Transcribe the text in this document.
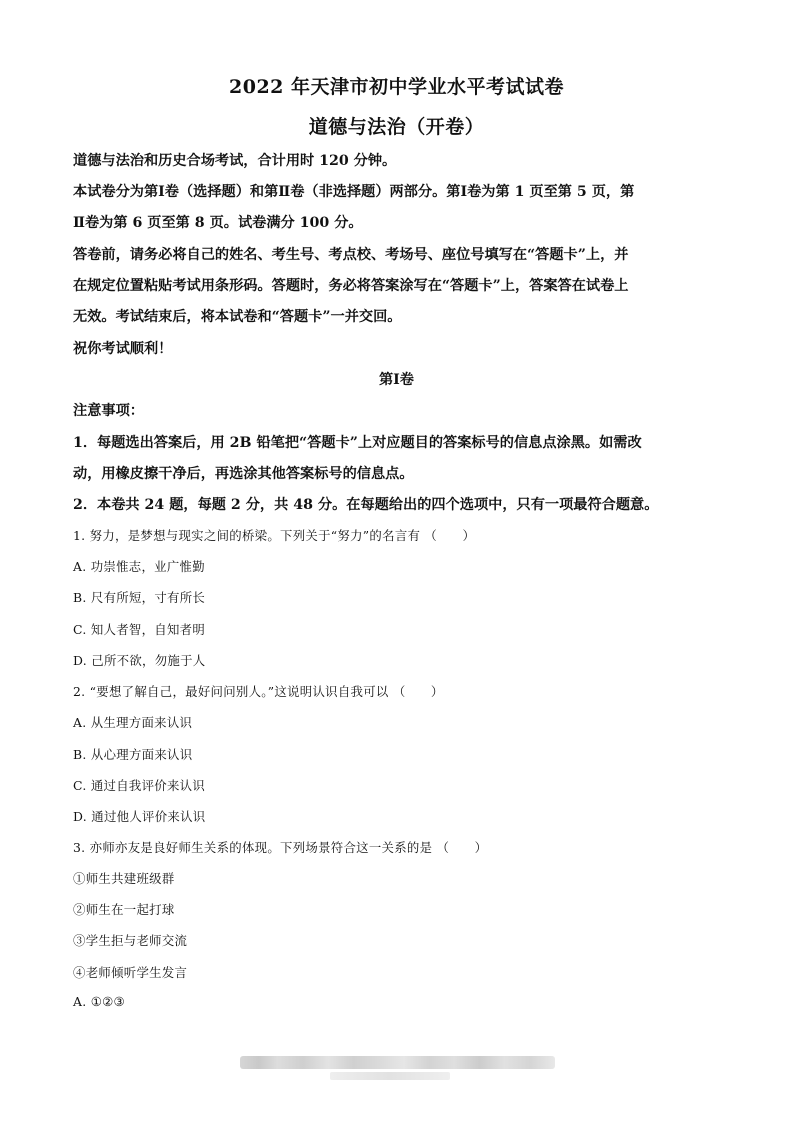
2022 年天津市初中学业水平考试试卷
道德与法治（开卷）
道德与法治和历史合场考试，合计用时 120 分钟。
本试卷分为第Ⅰ卷（选择题）和第Ⅱ卷（非选择题）两部分。第Ⅰ卷为第 1 页至第 5 页，第
Ⅱ卷为第 6 页至第 8 页。试卷满分 100 分。
答卷前，请务必将自己的姓名、考生号、考点校、考场号、座位号填写在“答题卡”上，并
在规定位置粘贴考试用条形码。答题时，务必将答案涂写在“答题卡”上，答案答在试卷上
无效。考试结束后，将本试卷和“答题卡”一并交回。
祝你考试顺利！
第Ⅰ卷
注意事项：
1．每题选出答案后，用 2B 铅笔把“答题卡”上对应题目的答案标号的信息点涂黑。如需改
动，用橡皮擦干净后，再选涂其他答案标号的信息点。
2．本卷共 24 题，每题 2 分，共 48 分。在每题给出的四个选项中，只有一项最符合题意。
1. 努力，是梦想与现实之间的桥梁。下列关于“努力”的名言有 （　　）
A. 功崇惟志，业广惟勤
B. 尺有所短，寸有所长
C. 知人者智，自知者明
D. 己所不欲，勿施于人
2. “要想了解自己，最好问问别人。”这说明认识自我可以 （　　）
A. 从生理方面来认识
B. 从心理方面来认识
C. 通过自我评价来认识
D. 通过他人评价来认识
3. 亦师亦友是良好师生关系的体现。下列场景符合这一关系的是 （　　）
①师生共建班级群
②师生在一起打球
③学生拒与老师交流
④老师倾听学生发言
A. ①②③
